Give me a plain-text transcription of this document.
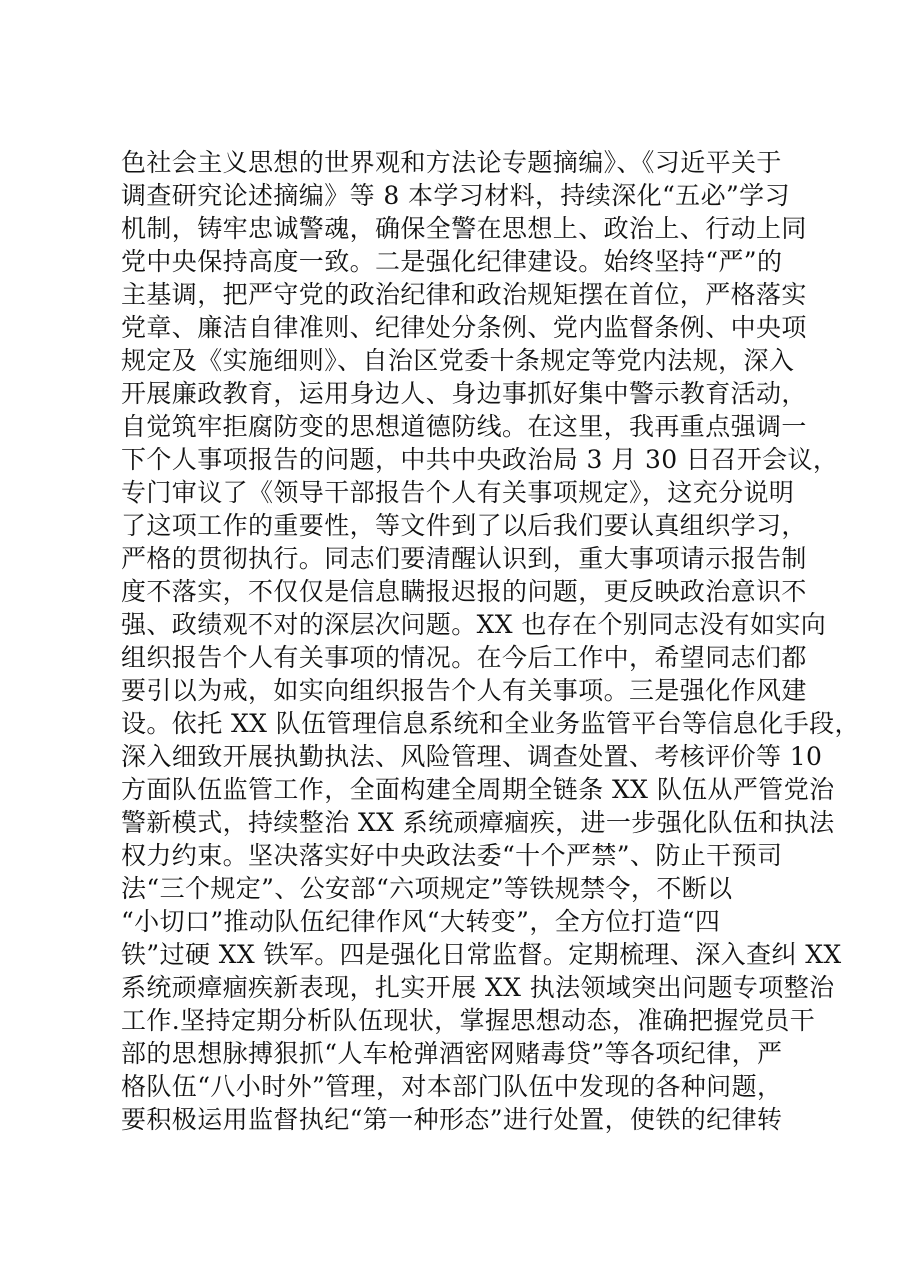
色社会主义思想的世界观和方法论专题摘编》、《习近平关于
调查研究论述摘编》等 8 本学习材料，持续深化“五必”学习
机制，铸牢忠诚警魂，确保全警在思想上、政治上、行动上同
党中央保持高度一致。二是强化纪律建设。始终坚持“严”的
主基调，把严守党的政治纪律和政治规矩摆在首位，严格落实
党章、廉洁自律准则、纪律处分条例、党内监督条例、中央项
规定及《实施细则》、自治区党委十条规定等党内法规，深入
开展廉政教育，运用身边人、身边事抓好集中警示教育活动，
自觉筑牢拒腐防变的思想道德防线。在这里，我再重点强调一
下个人事项报告的问题，中共中央政治局 3 月 30 日召开会议，
专门审议了《领导干部报告个人有关事项规定》，这充分说明
了这项工作的重要性，等文件到了以后我们要认真组织学习，
严格的贯彻执行。同志们要清醒认识到，重大事项请示报告制
度不落实，不仅仅是信息瞒报迟报的问题，更反映政治意识不
强、政绩观不对的深层次问题。XX 也存在个别同志没有如实向
组织报告个人有关事项的情况。在今后工作中，希望同志们都
要引以为戒，如实向组织报告个人有关事项。三是强化作风建
设。依托 XX 队伍管理信息系统和全业务监管平台等信息化手段，
深入细致开展执勤执法、风险管理、调查处置、考核评价等 10
方面队伍监管工作，全面构建全周期全链条 XX 队伍从严管党治
警新模式，持续整治 XX 系统顽瘴痼疾，进一步强化队伍和执法
权力约束。坚决落实好中央政法委“十个严禁”、防止干预司
法“三个规定”、公安部“六项规定”等铁规禁令，不断以
“小切口”推动队伍纪律作风“大转变”，全方位打造“四
铁”过硬 XX 铁军。四是强化日常监督。定期梳理、深入查纠 XX
系统顽瘴痼疾新表现，扎实开展 XX 执法领域突出问题专项整治
工作.坚持定期分析队伍现状，掌握思想动态，准确把握党员干
部的思想脉搏狠抓“人车枪弹酒密网赌毒贷”等各项纪律，严
格队伍“八小时外”管理，对本部门队伍中发现的各种问题，
要积极运用监督执纪“第一种形态”进行处置，使铁的纪律转
